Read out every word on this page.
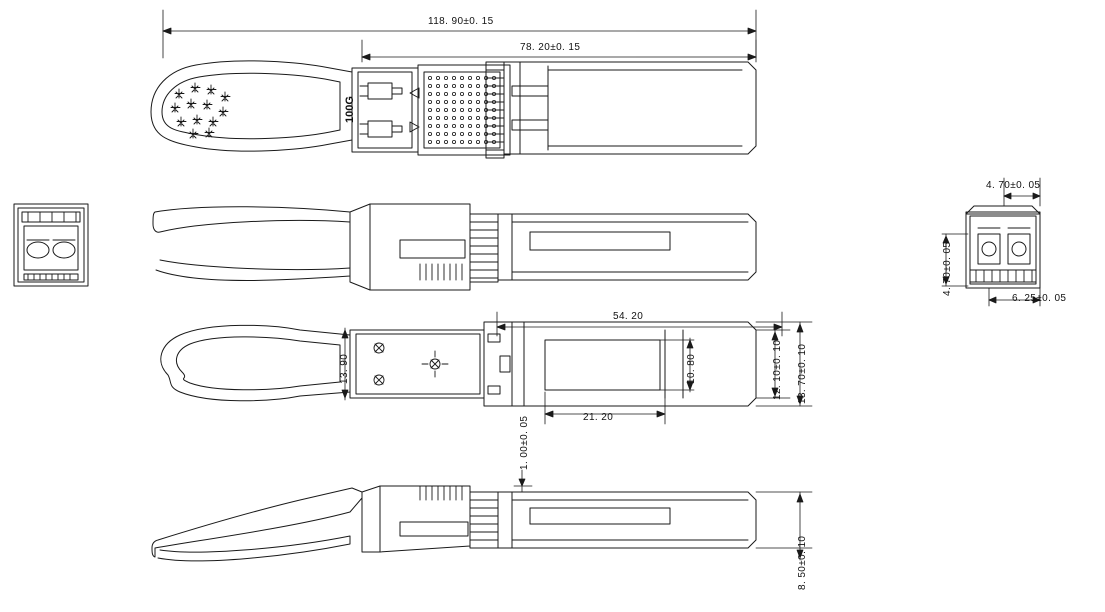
118. 90±0. 15
78. 20±0. 15
54. 20
21. 20
13. 90	10. 80	12. 10±0. 10 13. 70±0. 10
1. 00±0. 05
8. 50±0. 10
4. 70±0. 05
4. 70±0. 05
6. 25±0. 05
100G
